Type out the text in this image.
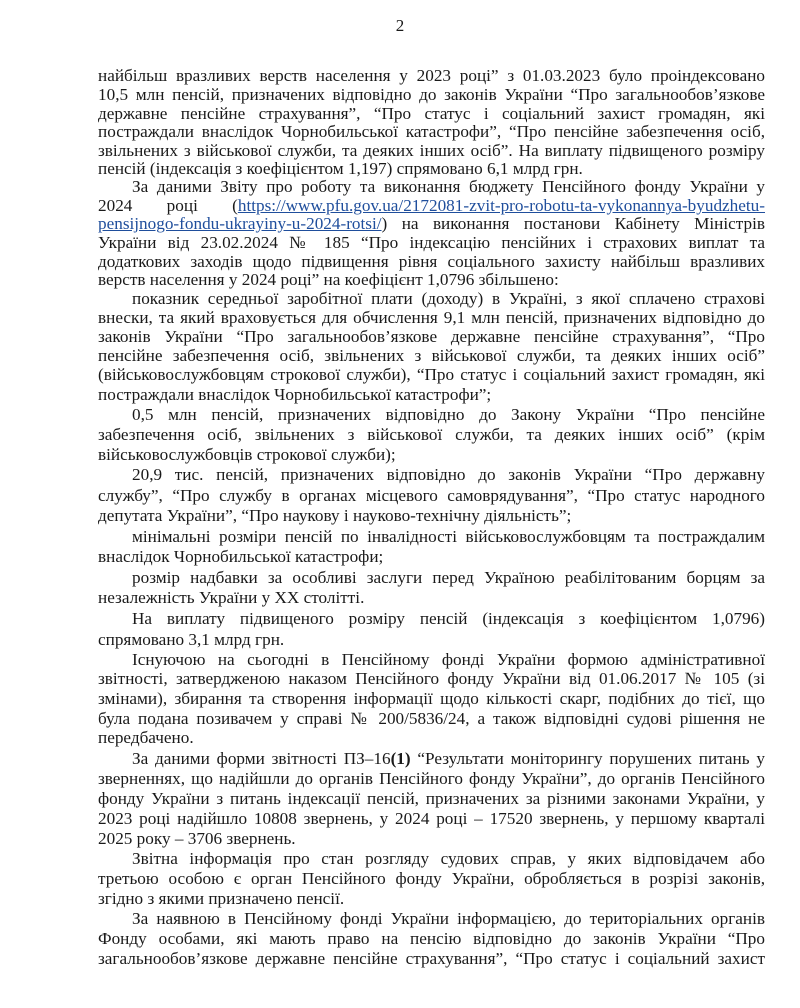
2
найбільш вразливих верств населення у 2023 році” з 01.03.2023 було проіндексовано
10,5 млн пенсій, призначених відповідно до законів України “Про загальнообов’язкове
державне пенсійне страхування”, “Про статус і соціальний захист громадян, які
постраждали внаслідок Чорнобильської катастрофи”, “Про пенсійне забезпечення осіб,
звільнених з військової служби, та деяких інших осіб”. На виплату підвищеного розміру
пенсій (індексація з коефіцієнтом 1,197) спрямовано 6,1 млрд грн.
За даними Звіту про роботу та виконання бюджету Пенсійного фонду України у
2024 році (https://www.pfu.gov.ua/2172081-zvit-pro-robotu-ta-vykonannya-byudzhetu-
pensijnogo-fondu-ukrayiny-u-2024-rotsi/) на виконання постанови Кабінету Міністрів
України від 23.02.2024 № 185 “Про індексацію пенсійних і страхових виплат та
додаткових заходів щодо підвищення рівня соціального захисту найбільш вразливих
верств населення у 2024 році” на коефіцієнт 1,0796 збільшено:
показник середньої заробітної плати (доходу) в Україні, з якої сплачено страхові
внески, та який враховується для обчислення 9,1 млн пенсій, призначених відповідно до
законів України “Про загальнообов’язкове державне пенсійне страхування”, “Про
пенсійне забезпечення осіб, звільнених з військової служби, та деяких інших осіб”
(військовослужбовцям строкової служби), “Про статус і соціальний захист громадян, які
постраждали внаслідок Чорнобильської катастрофи”;
0,5 млн пенсій, призначених відповідно до Закону України “Про пенсійне
забезпечення осіб, звільнених з військової служби, та деяких інших осіб” (крім
військовослужбовців строкової служби);
20,9 тис. пенсій, призначених відповідно до законів України “Про державну
службу”, “Про службу в органах місцевого самоврядування”, “Про статус народного
депутата України”, “Про наукову і науково-технічну діяльність”;
мінімальні розміри пенсій по інвалідності військовослужбовцям та постраждалим
внаслідок Чорнобильської катастрофи;
розмір надбавки за особливі заслуги перед Україною реабілітованим борцям за
незалежність України у ХХ столітті.
На виплату підвищеного розміру пенсій (індексація з коефіцієнтом 1,0796)
спрямовано 3,1 млрд грн.
Існуючою на сьогодні в Пенсійному фонді України формою адміністративної
звітності, затвердженою наказом Пенсійного фонду України від 01.06.2017 № 105 (зі
змінами), збирання та створення інформації щодо кількості скарг, подібних до тієї, що
була подана позивачем у справі № 200/5836/24, а також відповідні судові рішення не
передбачено.
За даними форми звітності ПЗ–16(1) “Результати моніторингу порушених питань у
зверненнях, що надійшли до органів Пенсійного фонду України”, до органів Пенсійного
фонду України з питань індексації пенсій, призначених за різними законами України, у
2023 році надійшло 10808 звернень, у 2024 році – 17520 звернень, у першому кварталі
2025 року – 3706 звернень.
Звітна інформація про стан розгляду судових справ, у яких відповідачем або
третьою особою є орган Пенсійного фонду України, обробляється в розрізі законів,
згідно з якими призначено пенсії.
За наявною в Пенсійному фонді України інформацією, до територіальних органів
Фонду особами, які мають право на пенсію відповідно до законів України “Про
загальнообов’язкове державне пенсійне страхування”, “Про статус і соціальний захист
